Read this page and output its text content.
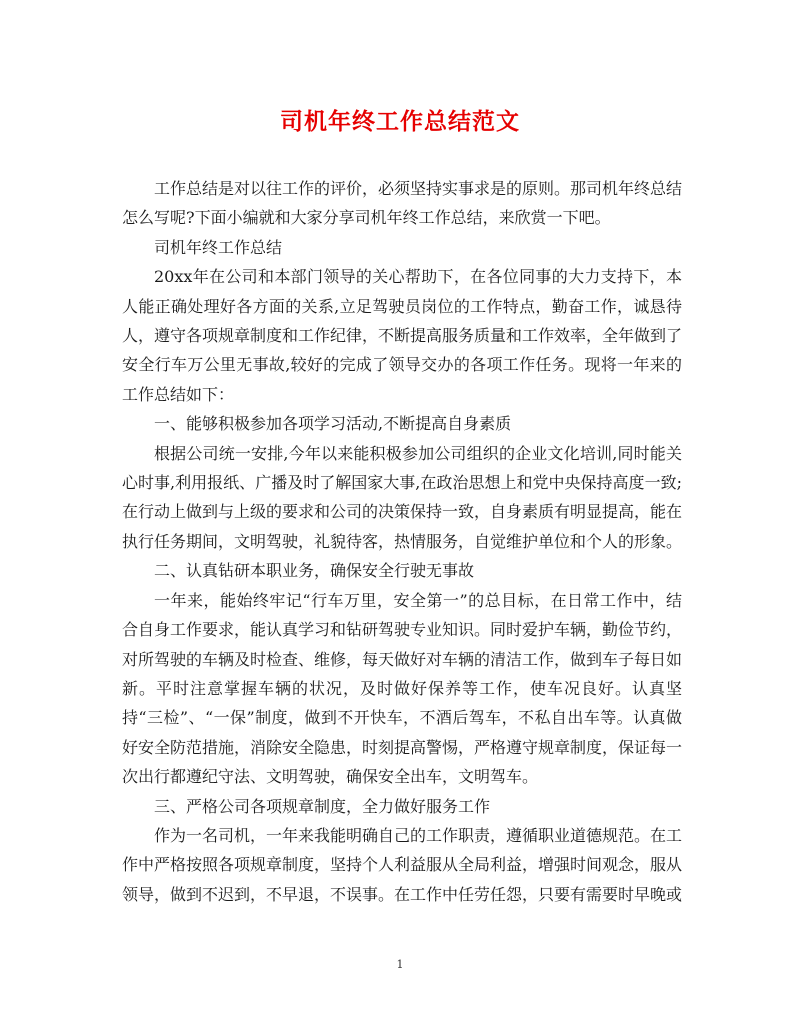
司机年终工作总结范文

工作总结是对以往工作的评价，必须坚持实事求是的原则。那司机年终总结怎么写呢?下面小编就和大家分享司机年终工作总结，来欣赏一下吧。

司机年终工作总结

20xx年在公司和本部门领导的关心帮助下，在各位同事的大力支持下，本人能正确处理好各方面的关系,立足驾驶员岗位的工作特点，勤奋工作，诚恳待人，遵守各项规章制度和工作纪律，不断提高服务质量和工作效率，全年做到了安全行车万公里无事故,较好的完成了领导交办的各项工作任务。现将一年来的工作总结如下：

一、能够积极参加各项学习活动,不断提高自身素质

根据公司统一安排,今年以来能积极参加公司组织的企业文化培训,同时能关心时事,利用报纸、广播及时了解国家大事,在政治思想上和党中央保持高度一致;在行动上做到与上级的要求和公司的决策保持一致，自身素质有明显提高，能在执行任务期间，文明驾驶，礼貌待客，热情服务，自觉维护单位和个人的形象。

二、认真钻研本职业务，确保安全行驶无事故

一年来，能始终牢记“行车万里，安全第一”的总目标，在日常工作中，结合自身工作要求，能认真学习和钻研驾驶专业知识。同时爱护车辆，勤俭节约，对所驾驶的车辆及时检查、维修，每天做好对车辆的清洁工作，做到车子每日如新。平时注意掌握车辆的状况，及时做好保养等工作，使车况良好。认真坚持“三检”、“一保”制度，做到不开快车，不酒后驾车，不私自出车等。认真做好安全防范措施，消除安全隐患，时刻提高警惕，严格遵守规章制度，保证每一次出行都遵纪守法、文明驾驶，确保安全出车，文明驾车。

三、严格公司各项规章制度，全力做好服务工作

作为一名司机，一年来我能明确自己的工作职责，遵循职业道德规范。在工作中严格按照各项规章制度，坚持个人利益服从全局利益，增强时间观念，服从领导，做到不迟到，不早退，不误事。在工作中任劳任怨，只要有需要时早晚或

1
